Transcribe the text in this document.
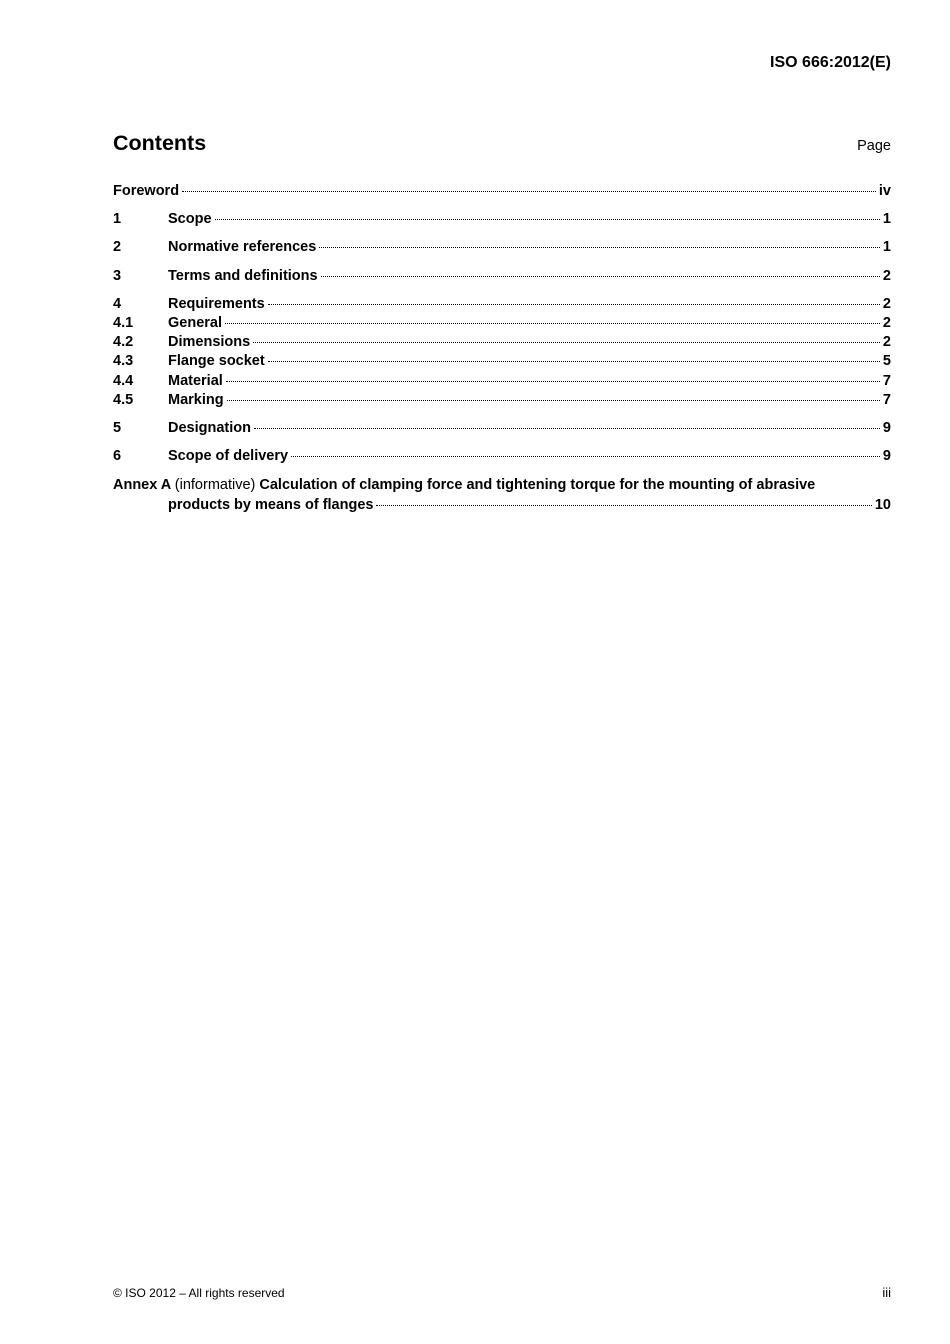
ISO 666:2012(E)
Contents	Page
Foreword	iv
1	Scope	1
2	Normative references	1
3	Terms and definitions	2
4	Requirements	2
4.1	General	2
4.2	Dimensions	2
4.3	Flange socket	5
4.4	Material	7
4.5	Marking	7
5	Designation	9
6	Scope of delivery	9
Annex A (informative) Calculation of clamping force and tightening torque for the mounting of abrasive
products by means of flanges	10
© ISO 2012 – All rights reserved	iii
